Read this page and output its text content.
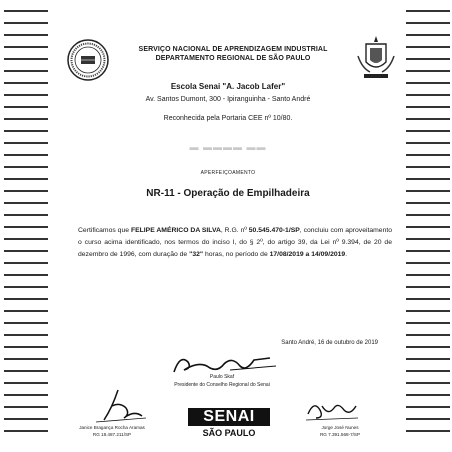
SERVIÇO NACIONAL DE APRENDIZAGEM INDUSTRIAL
DEPARTAMENTO REGIONAL DE SÃO PAULO
Escola Senai "A. Jacob Lafer"
Av. Santos Dumont, 300 - Ipiranguinha - Santo André
Reconhecida pela Portaria CEE nº 10/80.
▬ ▬▬▬▬ ▬▬
APERFEIÇOAMENTO
NR-11 - Operação de Empilhadeira
Certificamos que FELIPE AMÉRICO DA SILVA, R.G. nº 50.545.470-1/SP, concluiu com aproveitamento o curso acima identificado, nos termos do inciso I, do § 2º, do artigo 39, da Lei nº 9.394, de 20 de dezembro de 1996, com duração de "32" horas, no período de 17/08/2019 a 14/09/2019.
Santo André, 16 de outubro de 2019
Paulo Skaf
Presidente do Conselho Regional do Senai
Janice Bragança Rocha Aramas
RG 18.487.211/SP
SENAI
SÃO PAULO
Jorge José Nunes
RG 7.391.568-7/SP
